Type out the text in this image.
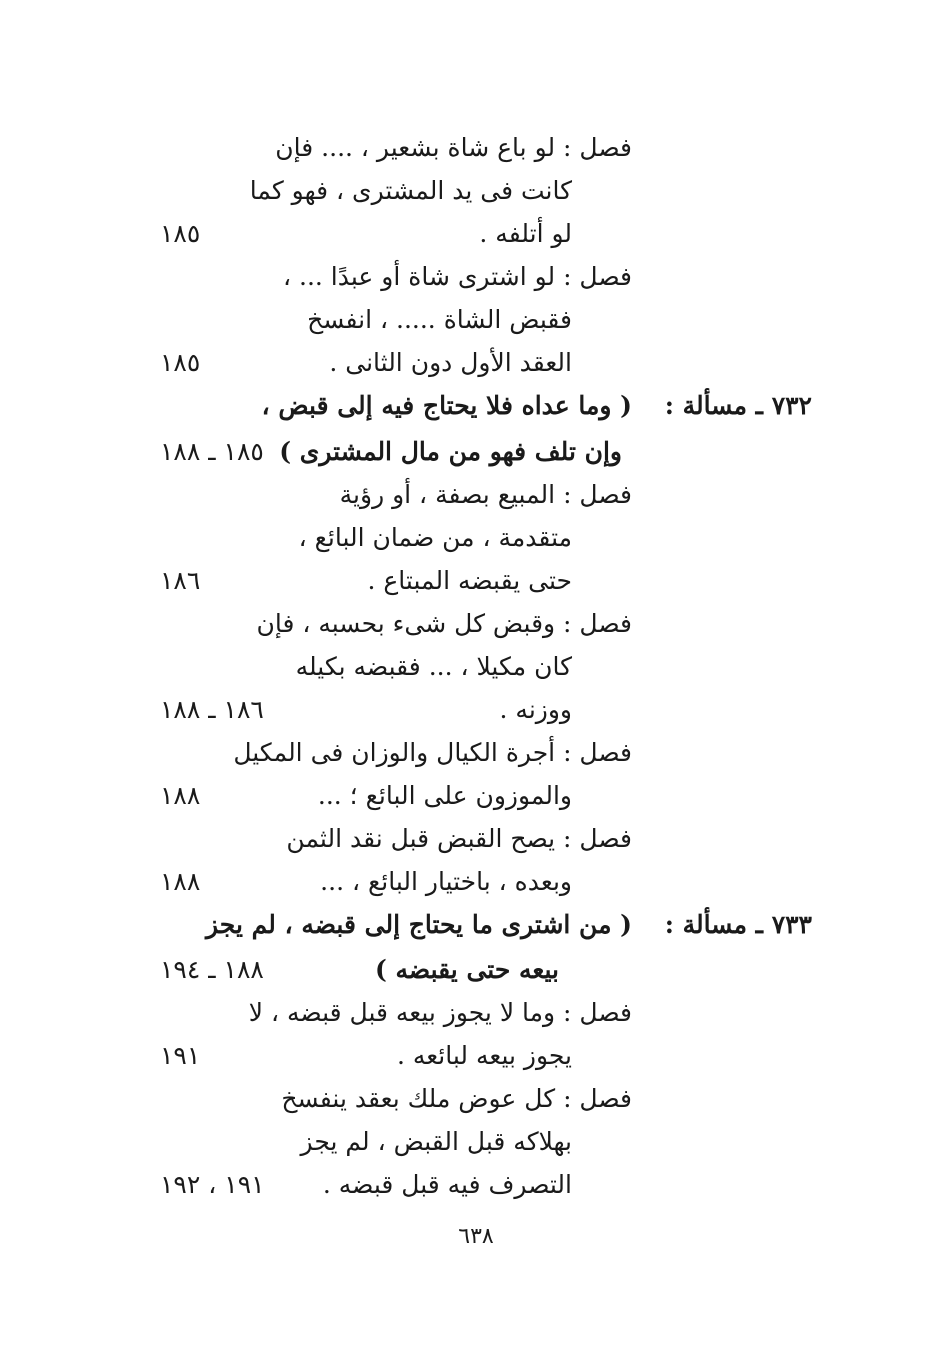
فصل : لو باع شاة بشعير ، .... فإن
كانت فى يد المشترى ، فهو كما
لو أتلفه .
١٨٥
فصل : لو اشترى شاة أو عبدًا ... ،
فقبض الشاة ..... ، انفسخ
العقد الأول دون الثانى .
١٨٥
٧٣٢ ـ مسألة :
( وما عداه فلا يحتاج فيه إلى قبض ،
وإن تلف فهو من مال المشترى )
١٨٥ ـ ١٨٨
فصل : المبيع بصفة ، أو رؤية
متقدمة ، من ضمان البائع ،
حتى يقبضه المبتاع .
١٨٦
فصل : وقبض كل شىء بحسبه ، فإن
كان مكيلا ، ... فقبضه بكيله
ووزنه .
١٨٦ ـ ١٨٨
فصل : أجرة الكيال والوزان فى المكيل
والموزون على البائع ؛ ...
١٨٨
فصل : يصح القبض قبل نقد الثمن
وبعده ، باختيار البائع ، ...
١٨٨
٧٣٣ ـ مسألة :
( من اشترى ما يحتاج إلى قبضه ، لم يجز
بيعه حتى يقبضه )
١٨٨ ـ ١٩٤
فصل : وما لا يجوز بيعه قبل قبضه ، لا
يجوز بيعه لبائعه .
١٩١
فصل : كل عوض ملك بعقد ينفسخ
بهلاكه قبل القبض ، لم يجز
التصرف فيه قبل قبضه .
١٩١ ، ١٩٢
٦٣٨
